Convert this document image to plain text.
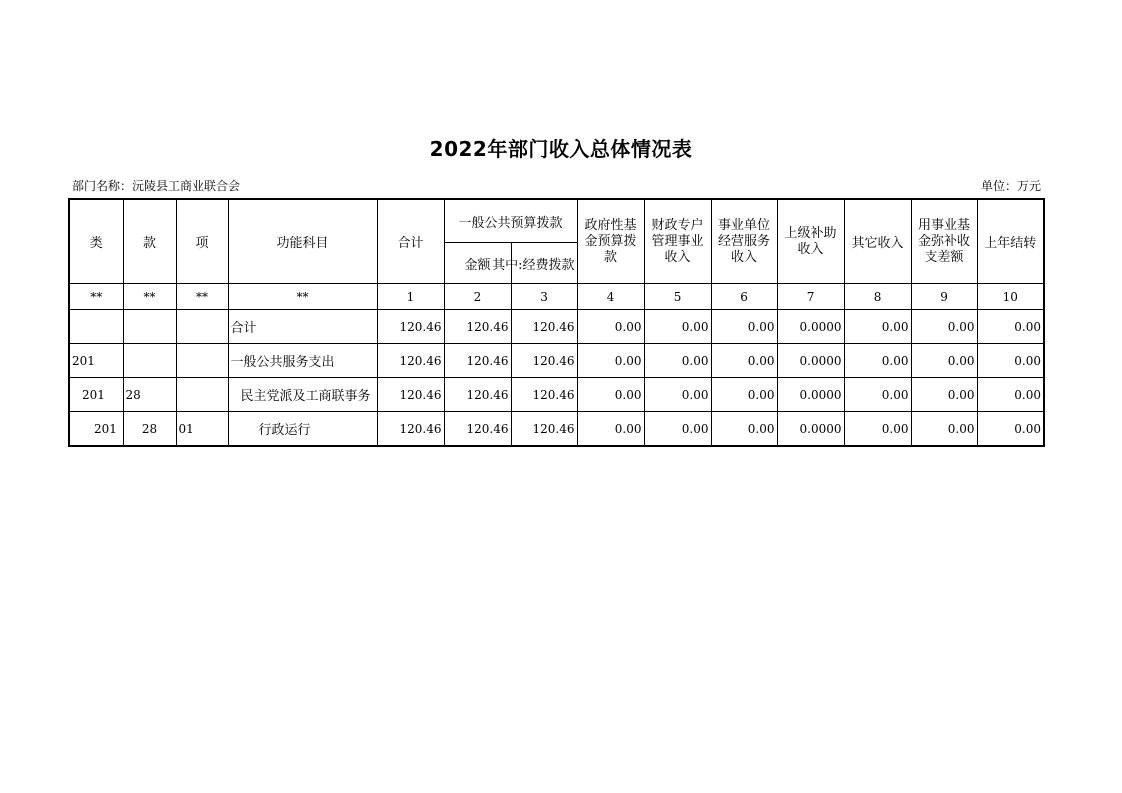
2022年部门收入总体情况表
部门名称：沅陵县工商业联合会	单位：万元
类	款	项	功能科目	合计	一般公共预算拨款		政府性基金预算拨款	财政专户管理事业收入	事业单位经营服务收入	上级补助收入	其它收入	用事业基金弥补收支差额	上年结转
					金额	其中:经费拨款							
**	**	**	**	1	2	3	4	5	6	7	8	9	10
			合计	120.46	120.46	120.46	0.00	0.00	0.00	0.0000	0.00	0.00	0.00
201			一般公共服务支出	120.46	120.46	120.46	0.00	0.00	0.00	0.0000	0.00	0.00	0.00
201	28		民主党派及工商联事务	120.46	120.46	120.46	0.00	0.00	0.00	0.0000	0.00	0.00	0.00
201	28	01	行政运行	120.46	120.46	120.46	0.00	0.00	0.00	0.0000	0.00	0.00	0.00
